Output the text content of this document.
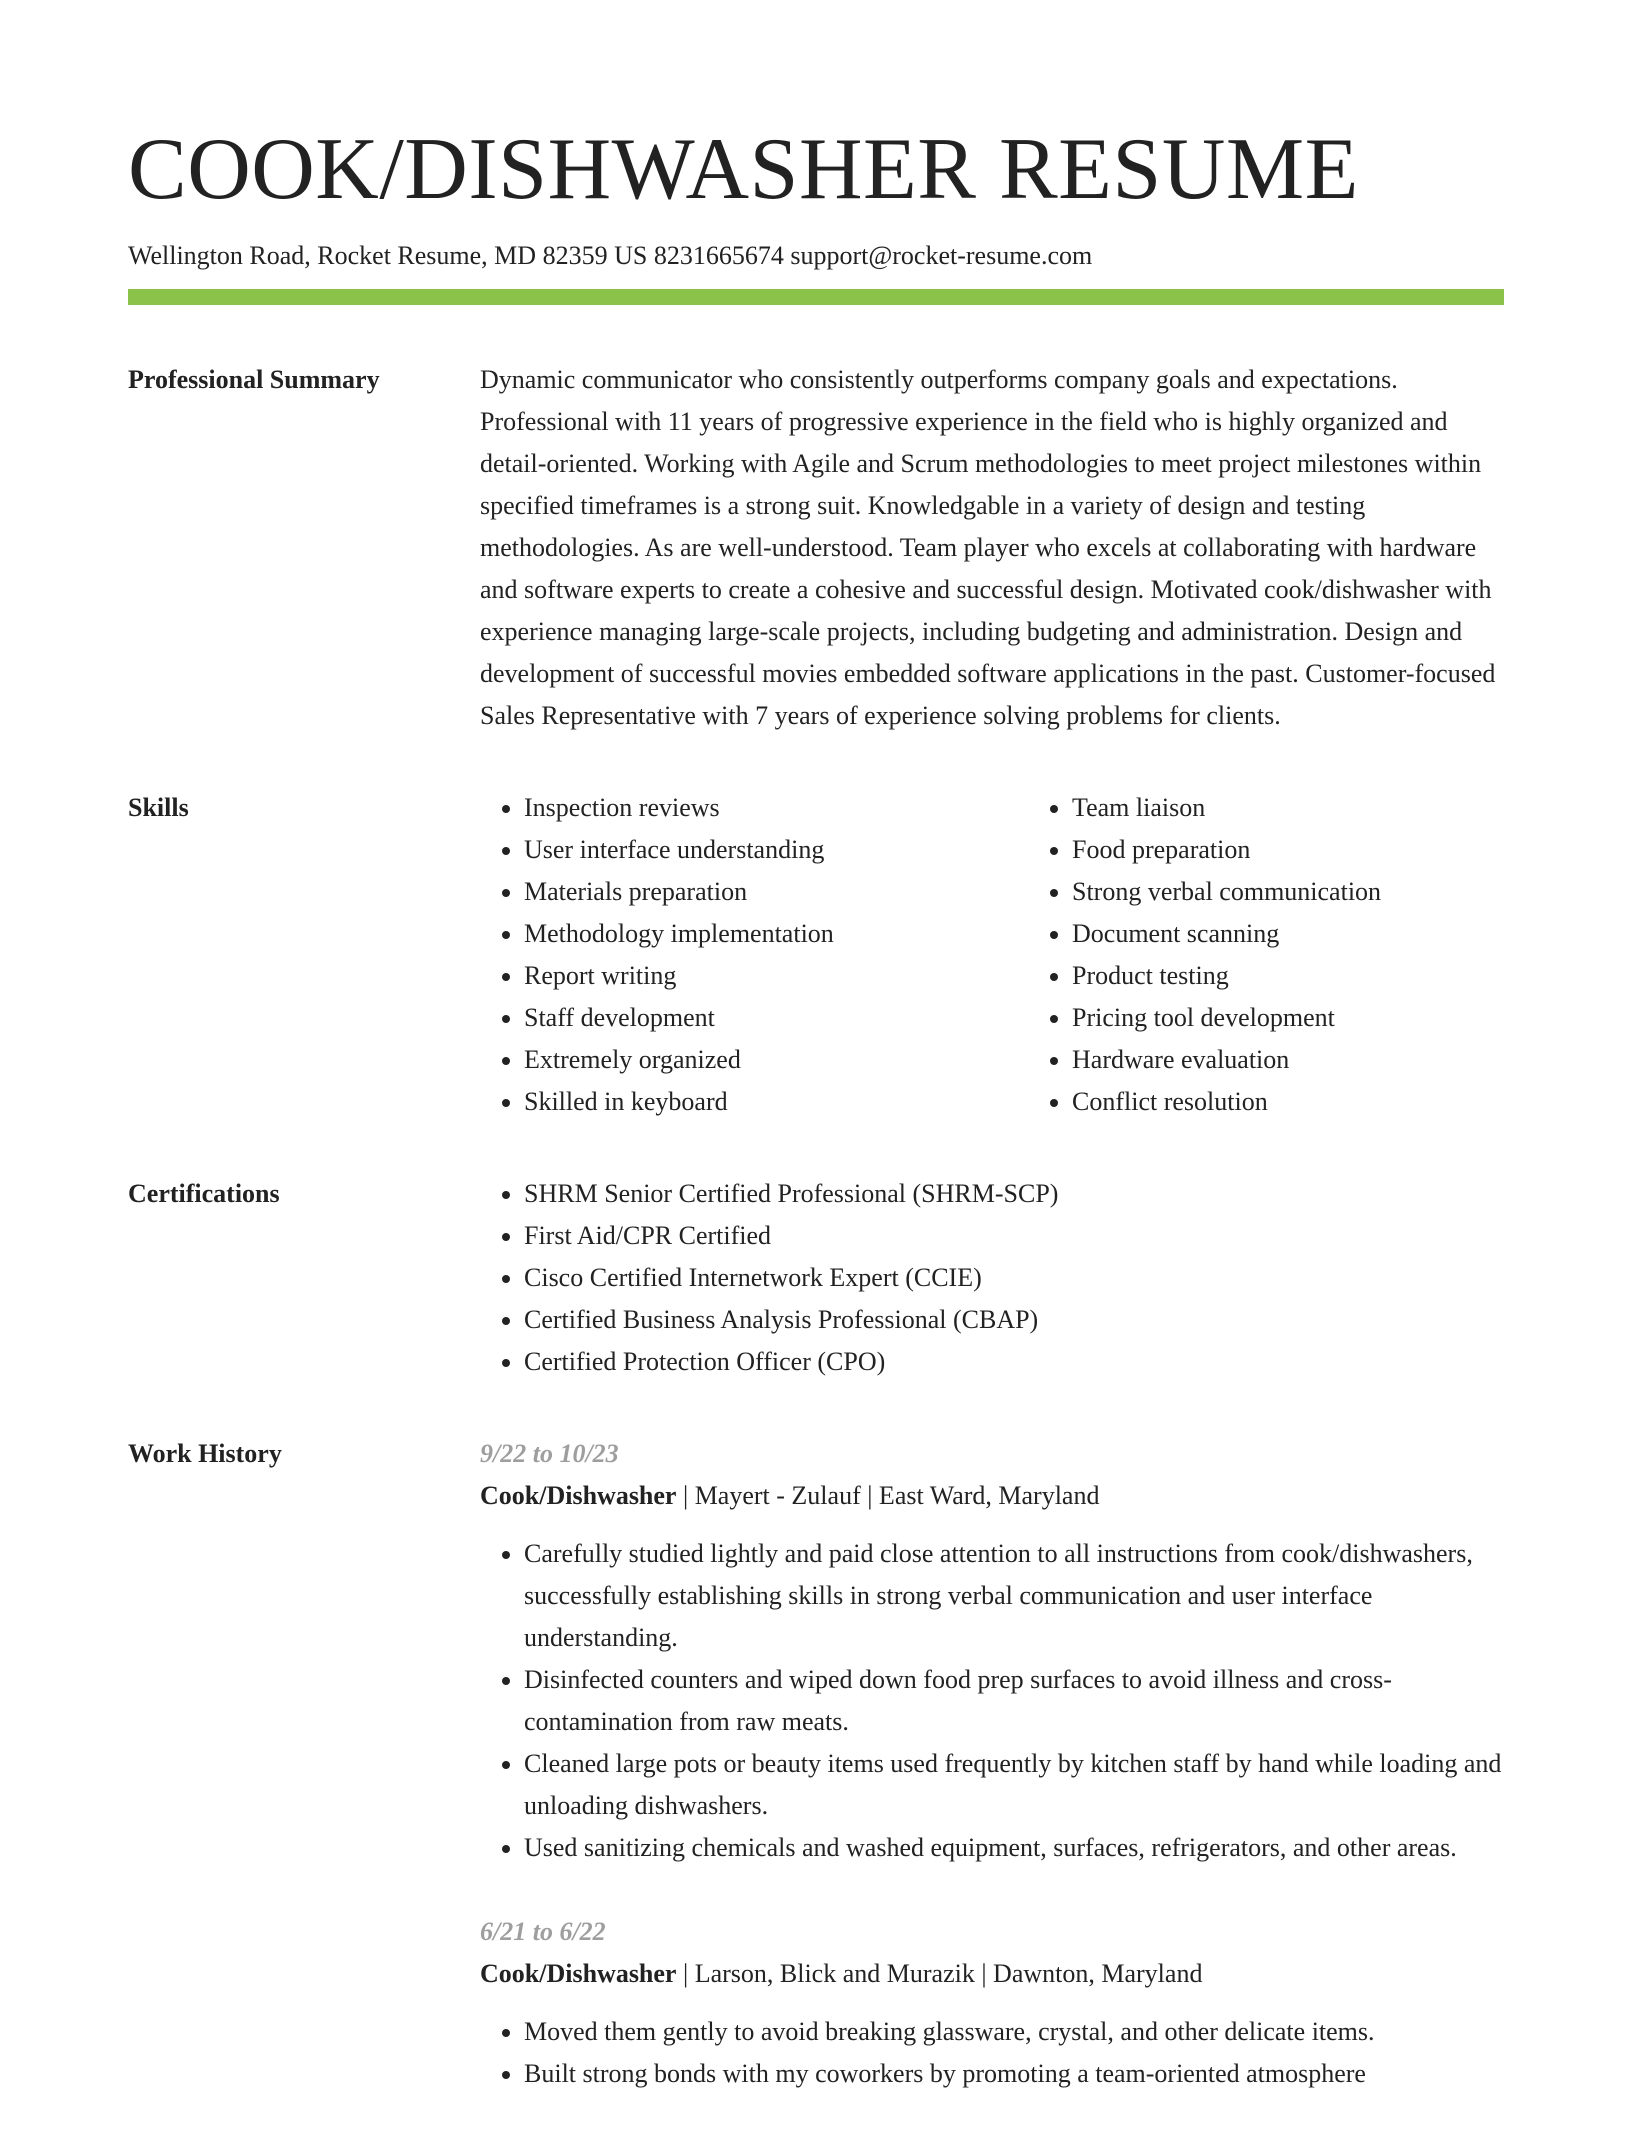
COOK/DISHWASHER RESUME
Wellington Road, Rocket Resume, MD 82359 US 8231665674 support@rocket-resume.com
Professional Summary	Dynamic communicator who consistently outperforms company goals and expectations. Professional with 11 years of progressive experience in the field who is highly organized and detail-oriented. Working with Agile and Scrum methodologies to meet project milestones within specified timeframes is a strong suit. Knowledgable in a variety of design and testing methodologies. As are well-understood. Team player who excels at collaborating with hardware and software experts to create a cohesive and successful design. Motivated cook/dishwasher with experience managing large-scale projects, including budgeting and administration. Design and development of successful movies embedded software applications in the past. Customer-focused Sales Representative with 7 years of experience solving problems for clients.

Skills	• Inspection reviews
• User interface understanding
• Materials preparation
• Methodology implementation
• Report writing
• Staff development
• Extremely organized
• Skilled in keyboard
• Team liaison
• Food preparation
• Strong verbal communication
• Document scanning
• Product testing
• Pricing tool development
• Hardware evaluation
• Conflict resolution
Certifications	• SHRM Senior Certified Professional (SHRM-SCP)
• First Aid/CPR Certified
• Cisco Certified Internetwork Expert (CCIE)
• Certified Business Analysis Professional (CBAP)
• Certified Protection Officer (CPO)
Work History	9/22 to 10/23
Cook/Dishwasher | Mayert - Zulauf | East Ward, Maryland
• Carefully studied lightly and paid close attention to all instructions from cook/dishwashers, successfully establishing skills in strong verbal communication and user interface understanding.
• Disinfected counters and wiped down food prep surfaces to avoid illness and cross-contamination from raw meats.
• Cleaned large pots or beauty items used frequently by kitchen staff by hand while loading and unloading dishwashers.
• Used sanitizing chemicals and washed equipment, surfaces, refrigerators, and other areas.
6/21 to 6/22
Cook/Dishwasher | Larson, Blick and Murazik | Dawnton, Maryland
• Moved them gently to avoid breaking glassware, crystal, and other delicate items.
• Built strong bonds with my coworkers by promoting a team-oriented atmosphere
